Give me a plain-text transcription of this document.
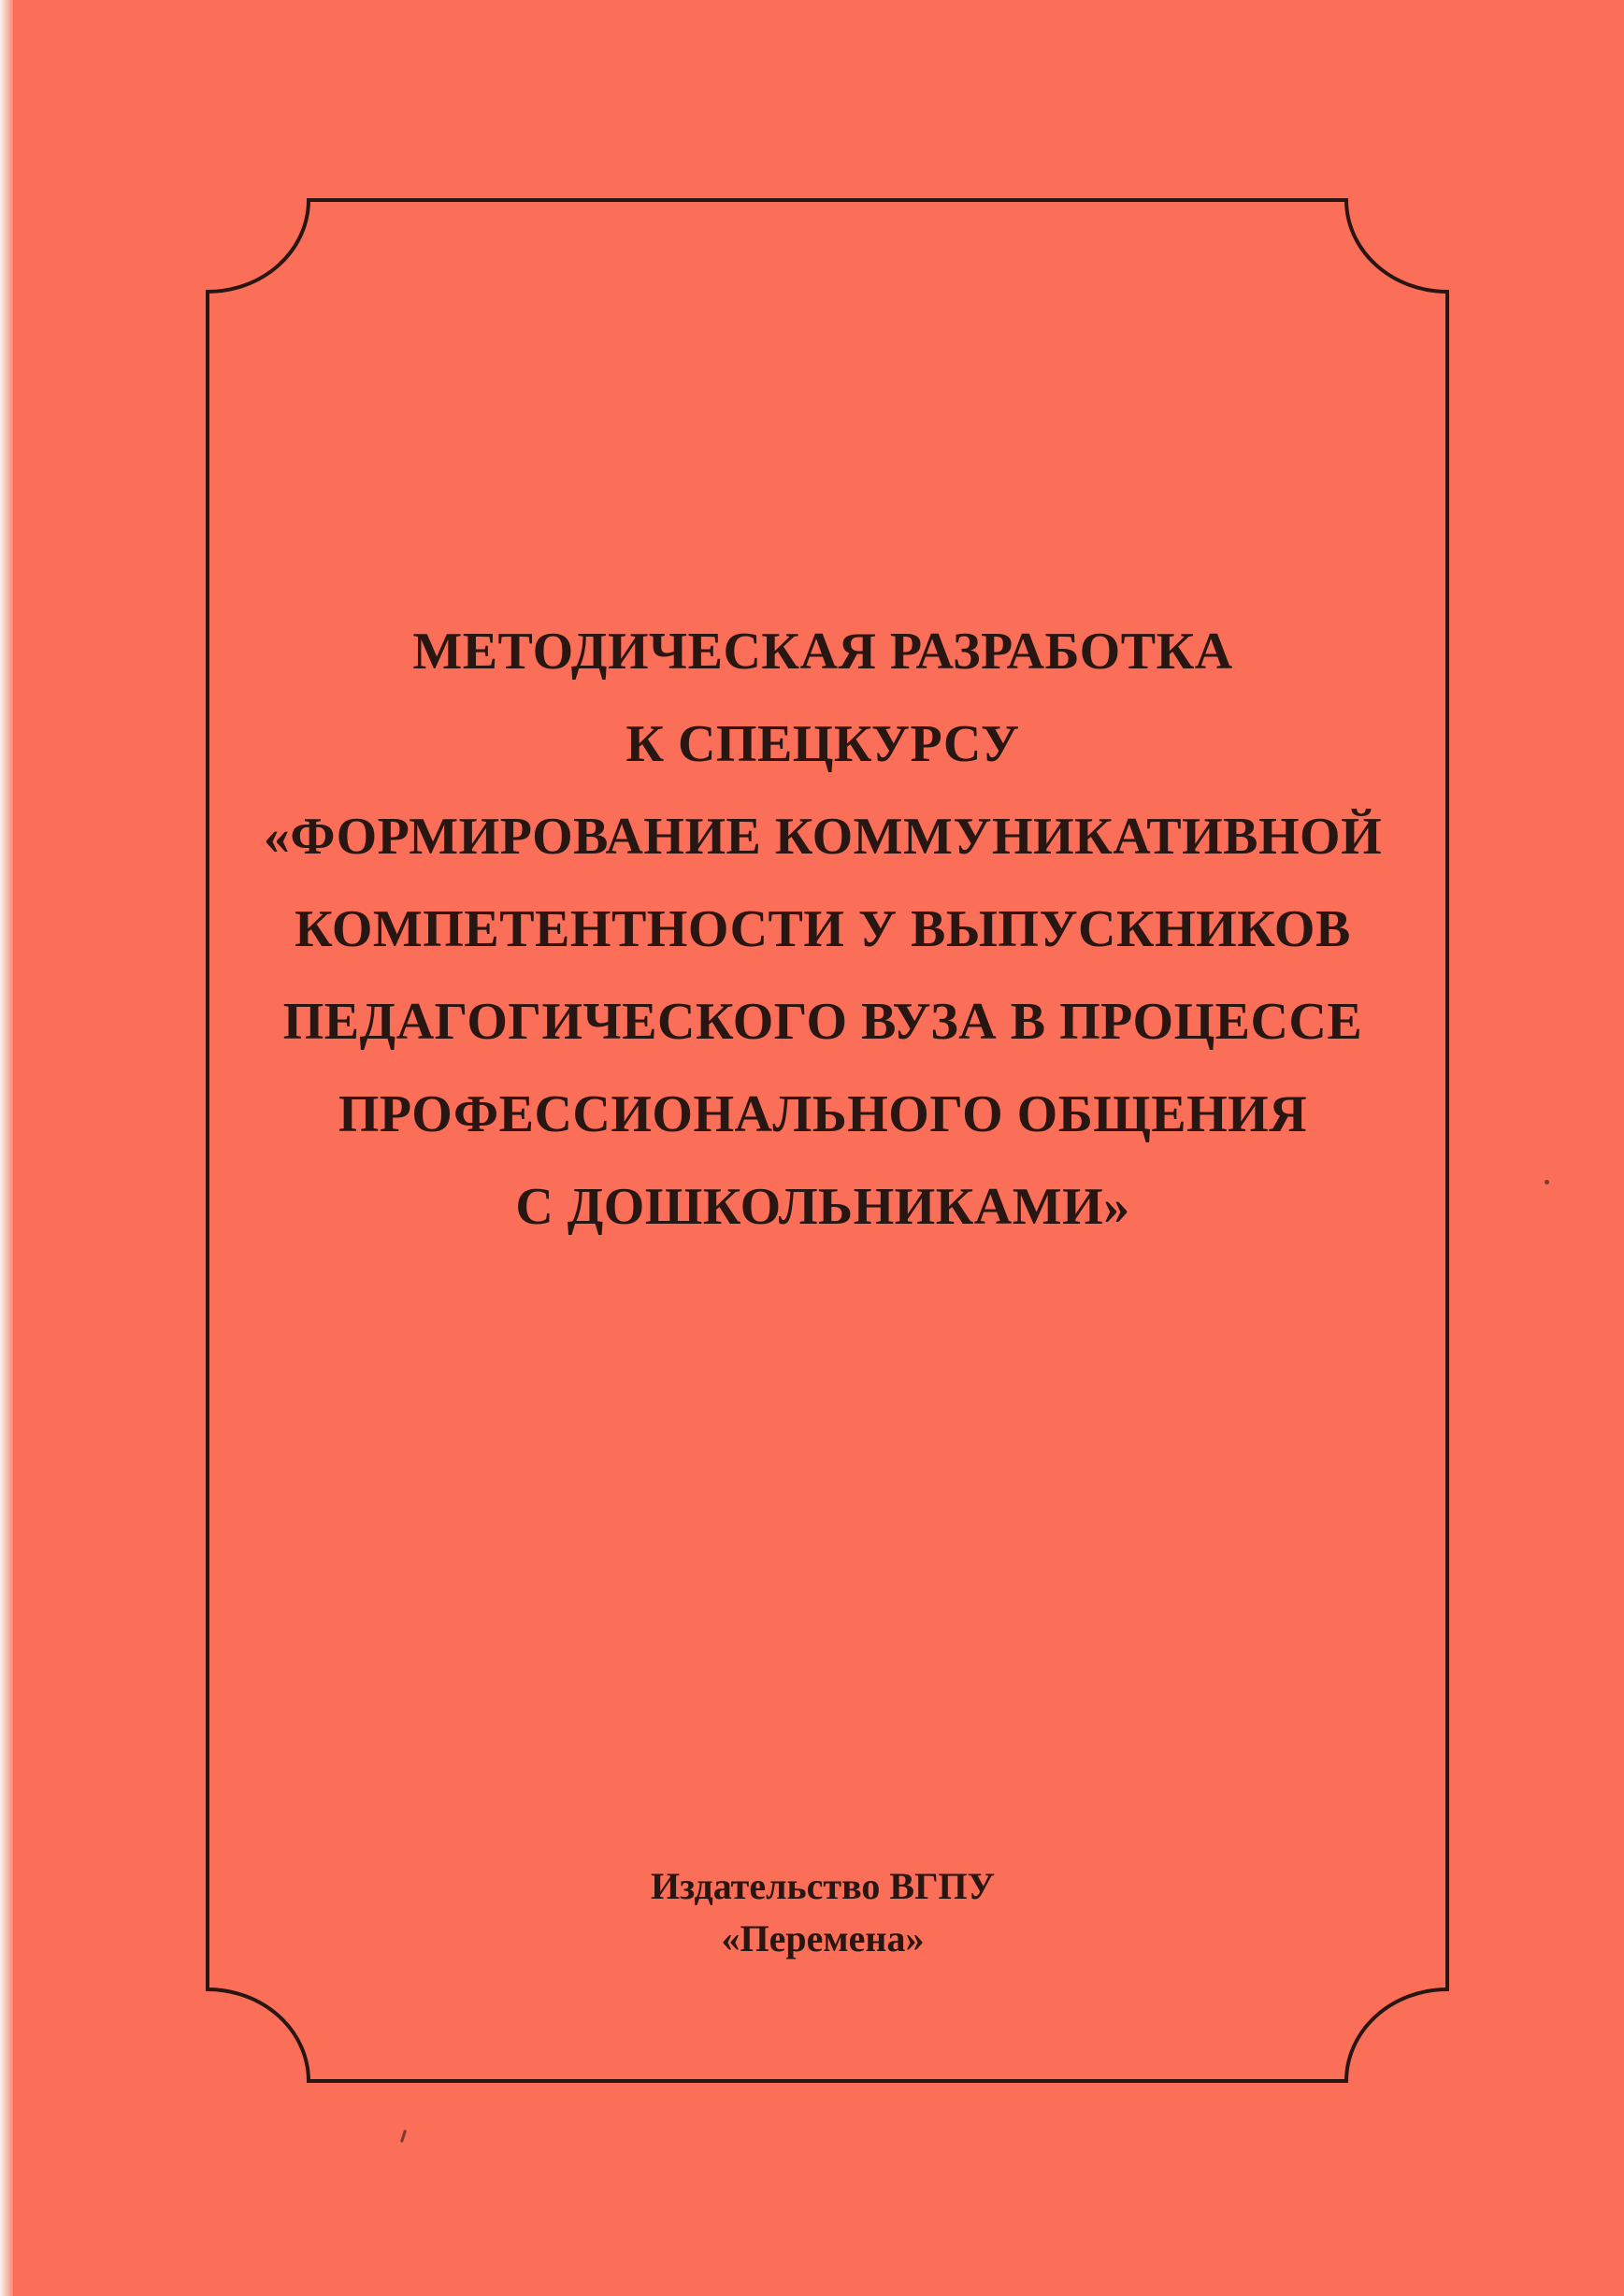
МЕТОДИЧЕСКАЯ РАЗРАБОТКА
К СПЕЦКУРСУ
«ФОРМИРОВАНИЕ КОММУНИКАТИВНОЙ
КОМПЕТЕНТНОСТИ У ВЫПУСКНИКОВ
ПЕДАГОГИЧЕСКОГО ВУЗА В ПРОЦЕССЕ
ПРОФЕССИОНАЛЬНОГО ОБЩЕНИЯ
С ДОШКОЛЬНИКАМИ»
Издательство ВГПУ
«Перемена»
